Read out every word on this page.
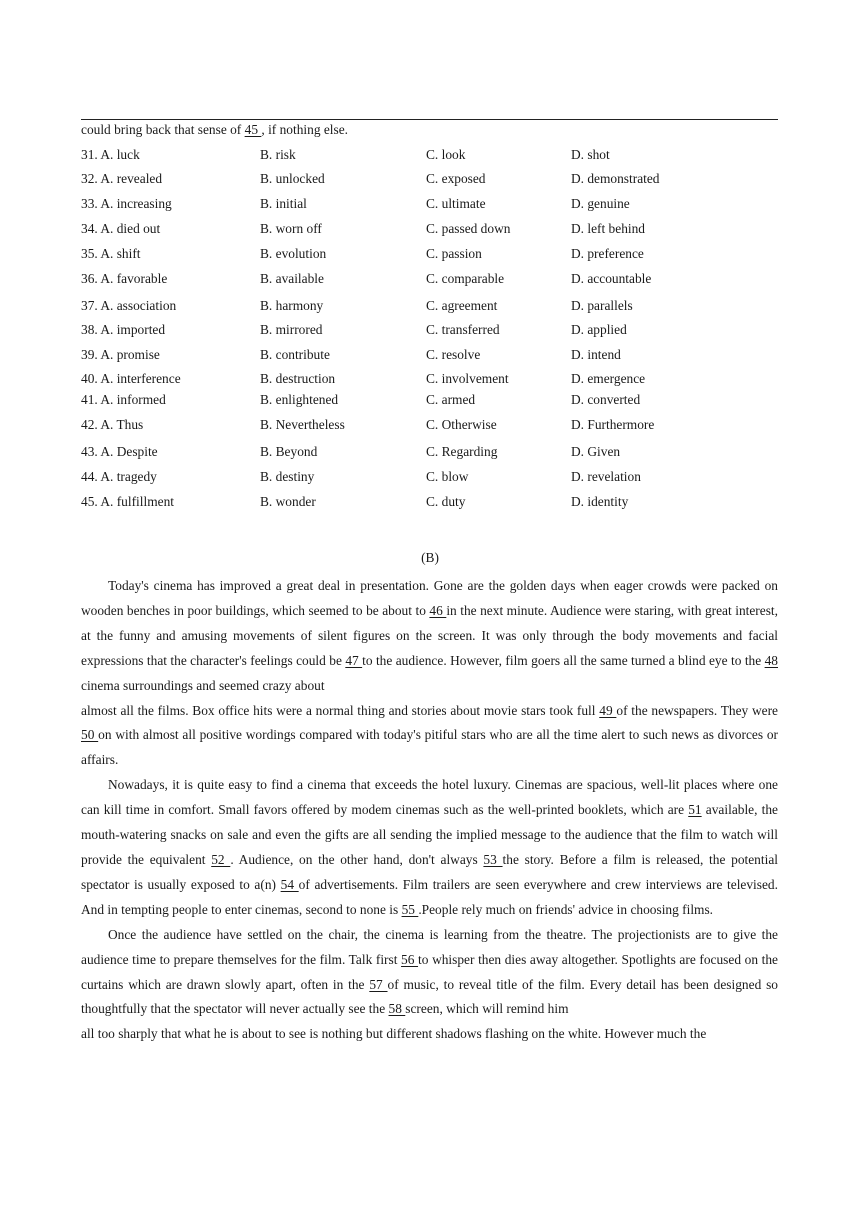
could bring back that sense of 45 , if nothing else.
31. A. luck	B. risk	C. look	D. shot
32. A. revealed	B. unlocked	C. exposed	D. demonstrated
33. A. increasing	B. initial	C. ultimate	D. genuine
34. A. died out	B. worn off	C. passed down	D. left behind
35. A. shift	B. evolution	C. passion	D. preference
36. A. favorable	B. available	C. comparable	D. accountable
37. A. association	B. harmony	C. agreement	D. parallels
38. A. imported	B. mirrored	C. transferred	D. applied
39. A. promise	B. contribute	C. resolve	D. intend
40. A. interference	B. destruction	C. involvement	D. emergence
41. A. informed	B. enlightened	C. armed	D. converted
42. A. Thus	B. Nevertheless	C. Otherwise	D. Furthermore
43. A. Despite	B. Beyond	C. Regarding	D. Given
44. A. tragedy	B. destiny	C. blow	D. revelation
45. A. fulfillment	B. wonder	C. duty	D. identity
(B)

Today's cinema has improved a great deal in presentation. Gone are the golden days when eager crowds were packed on wooden benches in poor buildings, which seemed to be about to 46 in the next minute. Audience were staring, with great interest, at the funny and amusing movements of silent figures on the screen. It was only through the body movements and facial expressions that the character's feelings could be 47 to the audience. However, film goers all the same turned a blind eye to the 48 cinema surroundings and seemed crazy about

almost all the films. Box office hits were a normal thing and stories about movie stars took full 49 of the newspapers. They were 50 on with almost all positive wordings compared with today's pitiful stars who are all the time alert to such news as divorces or affairs.

Nowadays, it is quite easy to find a cinema that exceeds the hotel luxury. Cinemas are spacious, well-lit places where one can kill time in comfort. Small favors offered by modem cinemas such as the well-printed booklets, which are 51 available, the mouth-watering snacks on sale and even the gifts are all sending the implied message to the audience that the film to watch will provide the equivalent 52 . Audience, on the other hand, don't always 53 the story. Before a film is released, the potential spectator is usually exposed to a(n) 54 of advertisements. Film trailers are seen everywhere and crew interviews are televised. And in tempting people to enter cinemas, second to none is 55 .People rely much on friends' advice in choosing films.

Once the audience have settled on the chair, the cinema is learning from the theatre. The projectionists are to give the audience time to prepare themselves for the film. Talk first 56 to whisper then dies away altogether. Spotlights are focused on the curtains which are drawn slowly apart, often in the 57 of music, to reveal title of the film. Every detail has been designed so thoughtfully that the spectator will never actually see the 58 screen, which will remind him

all too sharply that what he is about to see is nothing but different shadows flashing on the white. However much the
